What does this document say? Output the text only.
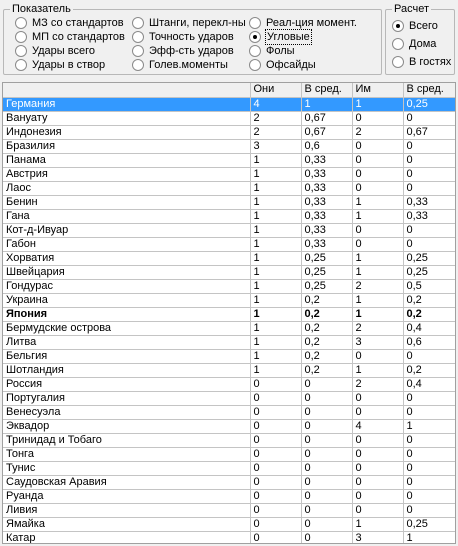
Показатель
МЗ со стандартов
МП со стандартов
Удары всего
Удары в створ
Штанги, перекл-ны
Точность ударов
Эфф-сть ударов
Голев.моменты
Реал-ция момент.
Угловые
Фолы
Офсайды
Расчет
Всего
Дома
В гостях
	Они	В сред.	Им	В сред.
Германия	4	1	1	0,25
Вануату	2	0,67	0	0
Индонезия	2	0,67	2	0,67
Бразилия	3	0,6	0	0
Панама	1	0,33	0	0
Австрия	1	0,33	0	0
Лаос	1	0,33	0	0
Бенин	1	0,33	1	0,33
Гана	1	0,33	1	0,33
Кот-д-Ивуар	1	0,33	0	0
Габон	1	0,33	0	0
Хорватия	1	0,25	1	0,25
Швейцария	1	0,25	1	0,25
Гондурас	1	0,25	2	0,5
Украина	1	0,2	1	0,2
Япония	1	0,2	1	0,2
Бермудские острова	1	0,2	2	0,4
Литва	1	0,2	3	0,6
Бельгия	1	0,2	0	0
Шотландия	1	0,2	1	0,2
Россия	0	0	2	0,4
Португалия	0	0	0	0
Венесуэла	0	0	0	0
Эквадор	0	0	4	1
Тринидад и Тобаго	0	0	0	0
Тонга	0	0	0	0
Тунис	0	0	0	0
Саудовская Аравия	0	0	0	0
Руанда	0	0	0	0
Ливия	0	0	0	0
Ямайка	0	0	1	0,25
Катар	0	0	3	1
